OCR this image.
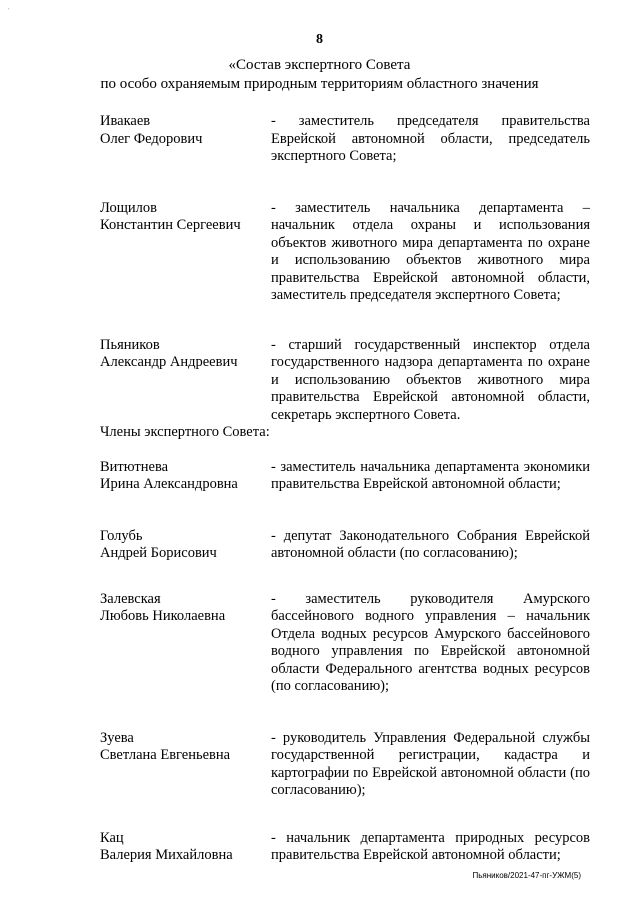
'
8
«Состав экспертного Совета
по особо охраняемым природным территориям областного значения
Ивакаев
Олег Федорович
- заместитель председателя правительства Еврейской автономной области, председатель экспертного Совета;
Лощилов
Константин Сергеевич
- заместитель начальника департамента – начальник отдела охраны и использования объектов животного мира департамента по охране и использованию объектов животного мира правительства Еврейской автономной области, заместитель председателя экспертного Совета;
Пьяников
Александр Андреевич
- старший государственный инспектор отдела государственного надзора департамента по охране и использованию объектов животного мира правительства Еврейской автономной области, секретарь экспертного Совета.
Члены экспертного Совета:
Витютнева
Ирина Александровна
- заместитель начальника департамента экономики правительства Еврейской автономной области;
Голубь
Андрей Борисович
- депутат Законодательного Собрания Еврейской автономной области (по согласованию);
Залевская
Любовь Николаевна
- заместитель руководителя Амурского бассейнового водного управления – начальник Отдела водных ресурсов Амурского бассейнового водного управления по Еврейской автономной области Федерального агентства водных ресурсов (по согласованию);
Зуева
Светлана Евгеньевна
- руководитель Управления Федеральной службы государственной регистрации, кадастра и картографии по Еврейской автономной области (по согласованию);
Кац
Валерия Михайловна
- начальник департамента природных ресурсов правительства Еврейской автономной области;
Пьяников/2021-47-пг-УЖМ(5)
